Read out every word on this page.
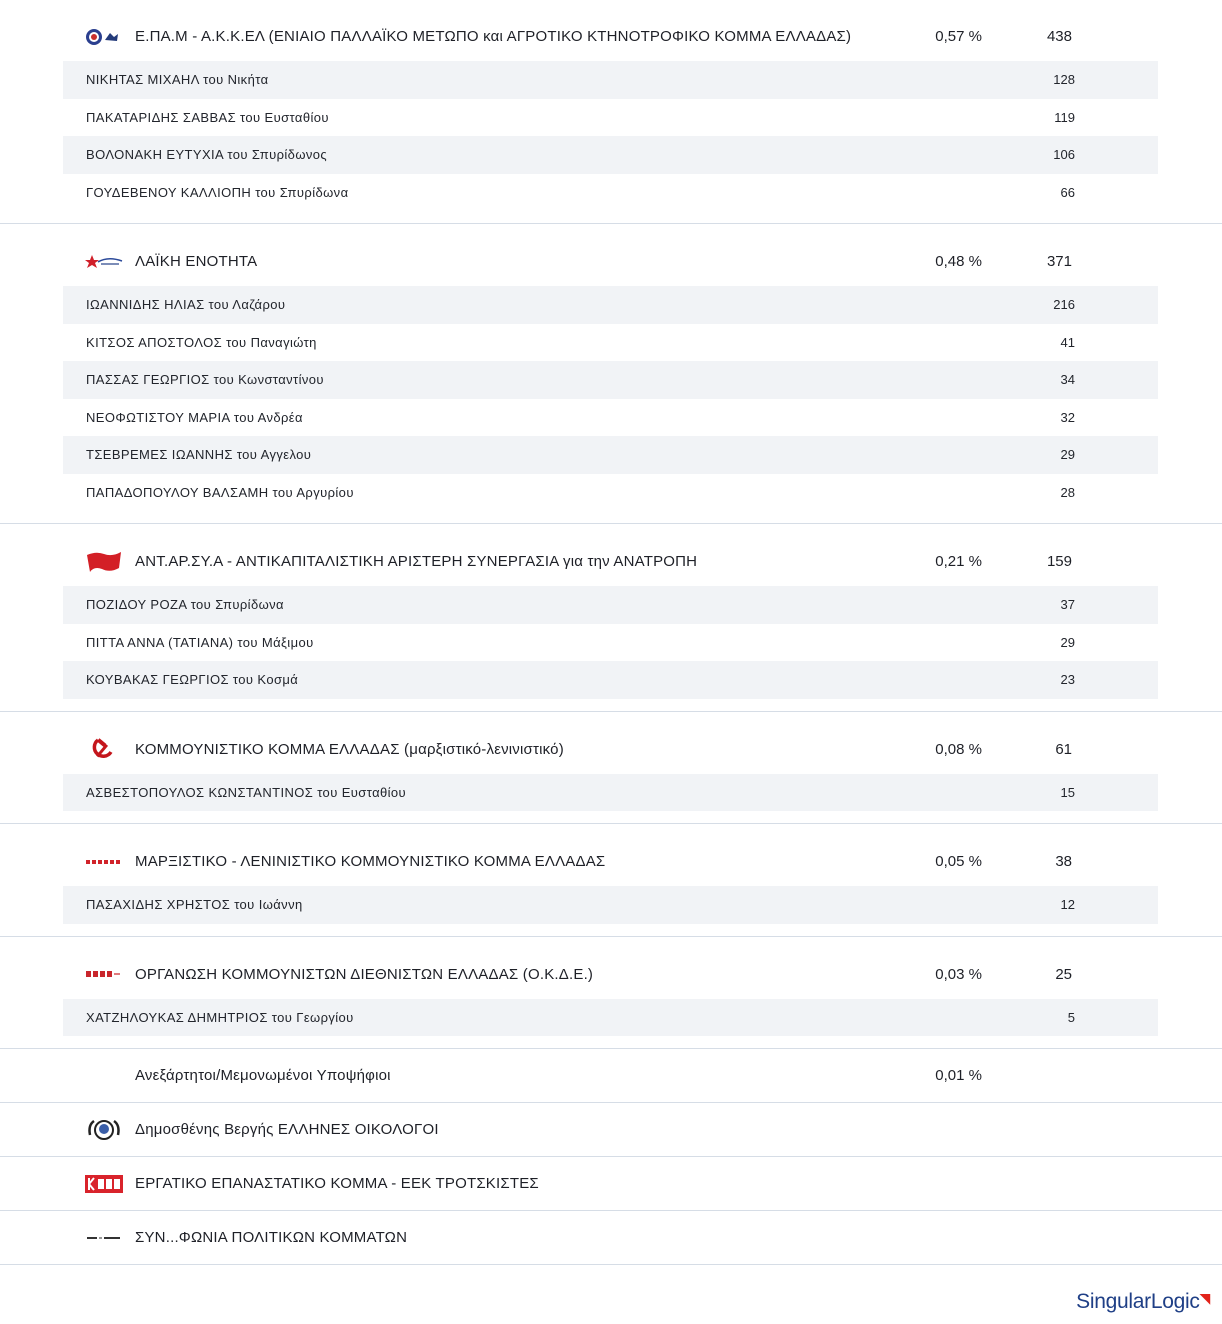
Ε.ΠΑ.Μ - Α.Κ.Κ.ΕΛ (ΕΝΙΑΙΟ ΠΑΛΛΑΪΚΟ ΜΕΤΩΠΟ και ΑΓΡΟΤΙΚΟ ΚΤΗΝΟΤΡΟΦΙΚΟ ΚΟΜΜΑ ΕΛΛΑΔΑΣ)	0,57 %	438
ΝΙΚΗΤΑΣ ΜΙΧΑΗΛ του Νικήτα	128
ΠΑΚΑΤΑΡΙΔΗΣ ΣΑΒΒΑΣ του Ευσταθίου	119
ΒΟΛΟΝΑΚΗ ΕΥΤΥΧΙΑ του Σπυρίδωνος	106
ΓΟΥΔΕΒΕΝΟΥ ΚΑΛΛΙΟΠΗ του Σπυρίδωνα	66
ΛΑΪΚΗ ΕΝΟΤΗΤΑ	0,48 %	371
ΙΩΑΝΝΙΔΗΣ ΗΛΙΑΣ του Λαζάρου	216
ΚΙΤΣΟΣ ΑΠΟΣΤΟΛΟΣ του Παναγιώτη	41
ΠΑΣΣΑΣ ΓΕΩΡΓΙΟΣ του Κωνσταντίνου	34
ΝΕΟΦΩΤΙΣΤΟΥ ΜΑΡΙΑ του Ανδρέα	32
ΤΣΕΒΡΕΜΕΣ ΙΩΑΝΝΗΣ του Αγγελου	29
ΠΑΠΑΔΟΠΟΥΛΟΥ ΒΑΛΣΑΜΗ του Αργυρίου	28
ΑΝΤ.ΑΡ.ΣΥ.Α - ΑΝΤΙΚΑΠΙΤΑΛΙΣΤΙΚΗ ΑΡΙΣΤΕΡΗ ΣΥΝΕΡΓΑΣΙΑ για την ΑΝΑΤΡΟΠΗ	0,21 %	159
ΠΟΖΙΔΟΥ ΡΟΖΑ του Σπυρίδωνα	37
ΠΙΤΤΑ ΑΝΝΑ (ΤΑΤΙΑΝΑ) του Μάξιμου	29
ΚΟΥΒΑΚΑΣ ΓΕΩΡΓΙΟΣ του Κοσμά	23
ΚΟΜΜΟΥΝΙΣΤΙΚΟ ΚΟΜΜΑ ΕΛΛΑΔΑΣ (μαρξιστικό-λενινιστικό)	0,08 %	61
ΑΣΒΕΣΤΟΠΟΥΛΟΣ ΚΩΝΣΤΑΝΤΙΝΟΣ του Ευσταθίου	15
ΜΑΡΞΙΣΤΙΚΟ - ΛΕΝΙΝΙΣΤΙΚΟ ΚΟΜΜΟΥΝΙΣΤΙΚΟ ΚΟΜΜΑ ΕΛΛΑΔΑΣ	0,05 %	38
ΠΑΣΑΧΙΔΗΣ ΧΡΗΣΤΟΣ του Ιωάννη	12
ΟΡΓΑΝΩΣΗ ΚΟΜΜΟΥΝΙΣΤΩΝ ΔΙΕΘΝΙΣΤΩΝ ΕΛΛΑΔΑΣ (Ο.Κ.Δ.Ε.)	0,03 %	25
ΧΑΤΖΗΛΟΥΚΑΣ ΔΗΜΗΤΡΙΟΣ του Γεωργίου	5
Ανεξάρτητοι/Μεμονωμένοι Υποψήφιοι	0,01 %
Δημοσθένης Βεργής ΕΛΛΗΝΕΣ ΟΙΚΟΛΟΓΟΙ
ΕΡΓΑΤΙΚΟ ΕΠΑΝΑΣΤΑΤΙΚΟ ΚΟΜΜΑ - ΕΕΚ ΤΡΟΤΣΚΙΣΤΕΣ
ΣΥΝ...ΦΩΝΙΑ ΠΟΛΙΤΙΚΩΝ ΚΟΜΜΑΤΩΝ
SingularLogic◥
